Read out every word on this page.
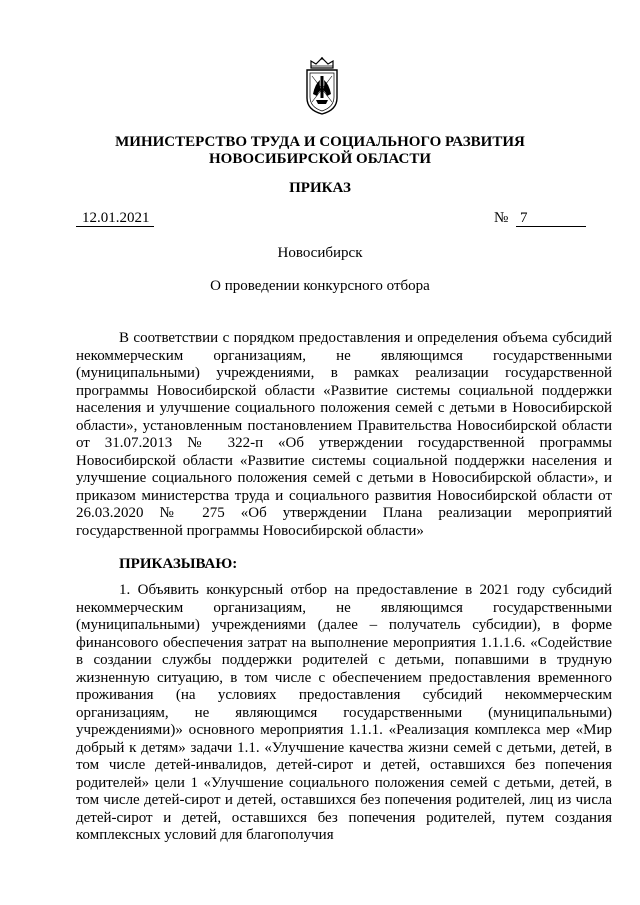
МИНИСТЕРСТВО ТРУДА И СОЦИАЛЬНОГО РАЗВИТИЯ
НОВОСИБИРСКОЙ ОБЛАСТИ
ПРИКАЗ
12.01.2021	№ 7
Новосибирск
О проведении конкурсного отбора

В соответствии с порядком предоставления и определения объема субсидий некоммерческим организациям, не являющимся государственными (муниципальными) учреждениями, в рамках реализации государственной программы Новосибирской области «Развитие системы социальной поддержки населения и улучшение социального положения семей с детьми в Новосибирской области», установленным постановлением Правительства Новосибирской области от 31.07.2013 № 322-п «Об утверждении государственной программы Новосибирской области «Развитие системы социальной поддержки населения и улучшение социального положения семей с детьми в Новосибирской области», и приказом министерства труда и социального развития Новосибирской области от 26.03.2020 № 275 «Об утверждении Плана реализации мероприятий государственной программы Новосибирской области»

ПРИКАЗЫВАЮ:

1. Объявить конкурсный отбор на предоставление в 2021 году субсидий некоммерческим организациям, не являющимся государственными (муниципальными) учреждениями (далее – получатель субсидии), в форме финансового обеспечения затрат на выполнение мероприятия 1.1.1.6. «Содействие в создании службы поддержки родителей с детьми, попавшими в трудную жизненную ситуацию, в том числе с обеспечением предоставления временного проживания (на условиях предоставления субсидий некоммерческим организациям, не являющимся государственными (муниципальными) учреждениями)» основного мероприятия 1.1.1. «Реализация комплекса мер «Мир добрый к детям» задачи 1.1. «Улучшение качества жизни семей с детьми, детей, в том числе детей-инвалидов, детей-сирот и детей, оставшихся без попечения родителей» цели 1 «Улучшение социального положения семей с детьми, детей, в том числе детей-сирот и детей, оставшихся без попечения родителей, лиц из числа детей-сирот и детей, оставшихся без попечения родителей, путем создания комплексных условий для благополучия
